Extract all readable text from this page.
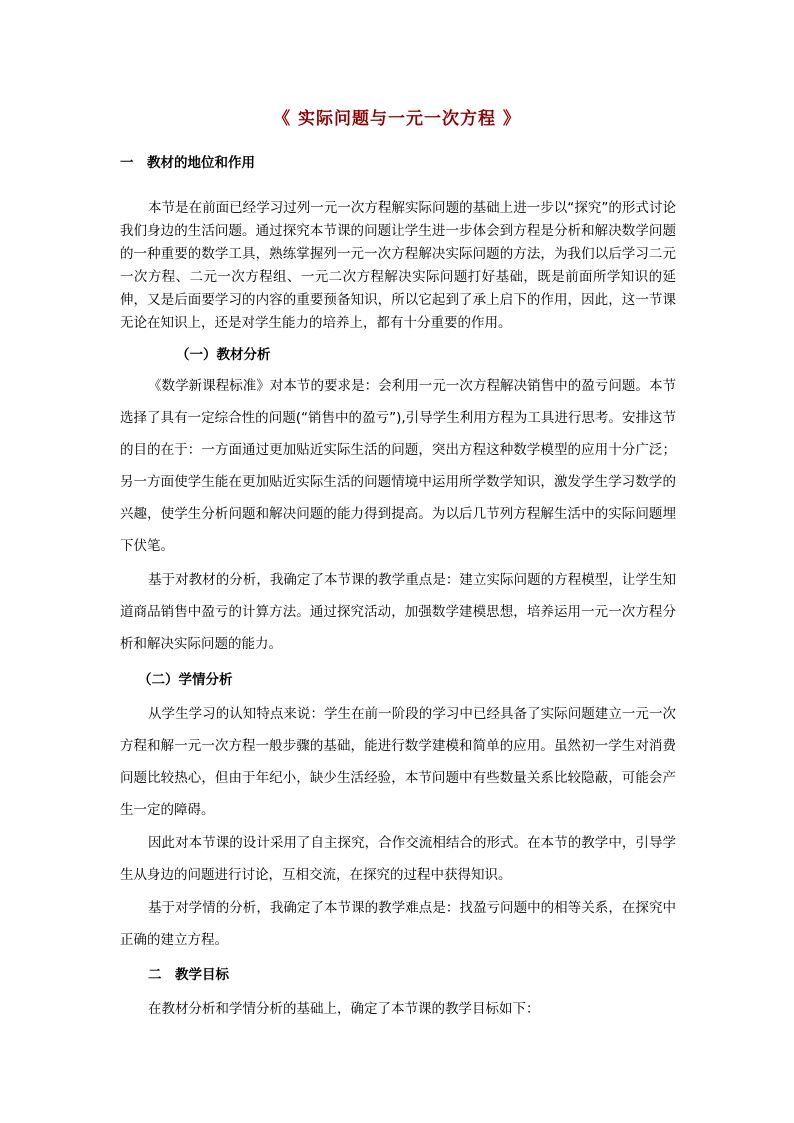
《 实际问题与一元一次方程 》
一　教材的地位和作用

本节是在前面已经学习过列一元一次方程解实际问题的基础上进一步以“探究”的形式讨论我们身边的生活问题。通过探究本节课的问题让学生进一步体会到方程是分析和解决数学问题的一种重要的数学工具，熟练掌握列一元一次方程解决实际问题的方法，为我们以后学习二元一次方程、二元一次方程组、一元二次方程解决实际问题打好基础，既是前面所学知识的延伸，又是后面要学习的内容的重要预备知识，所以它起到了承上启下的作用，因此，这一节课无论在知识上，还是对学生能力的培养上，都有十分重要的作用。

（一）教材分析

《数学新课程标准》对本节的要求是：会利用一元一次方程解决销售中的盈亏问题。本节选择了具有一定综合性的问题(“销售中的盈亏”),引导学生利用方程为工具进行思考。安排这节的目的在于：一方面通过更加贴近实际生活的问题，突出方程这种数学模型的应用十分广泛；另一方面使学生能在更加贴近实际生活的问题情境中运用所学数学知识，激发学生学习数学的兴趣，使学生分析问题和解决问题的能力得到提高。为以后几节列方程解生活中的实际问题埋下伏笔。

基于对教材的分析，我确定了本节课的教学重点是：建立实际问题的方程模型，让学生知道商品销售中盈亏的计算方法。通过探究活动，加强数学建模思想，培养运用一元一次方程分析和解决实际问题的能力。

（二）学情分析

从学生学习的认知特点来说：学生在前一阶段的学习中已经具备了实际问题建立一元一次方程和解一元一次方程一般步骤的基础，能进行数学建模和简单的应用。虽然初一学生对消费问题比较热心，但由于年纪小，缺少生活经验，本节问题中有些数量关系比较隐蔽，可能会产生一定的障碍。

因此对本节课的设计采用了自主探究，合作交流相结合的形式。在本节的教学中，引导学生从身边的问题进行讨论，互相交流，在探究的过程中获得知识。

基于对学情的分析，我确定了本节课的教学难点是：找盈亏问题中的相等关系，在探究中正确的建立方程。

二　教学目标

在教材分析和学情分析的基础上，确定了本节课的教学目标如下：
